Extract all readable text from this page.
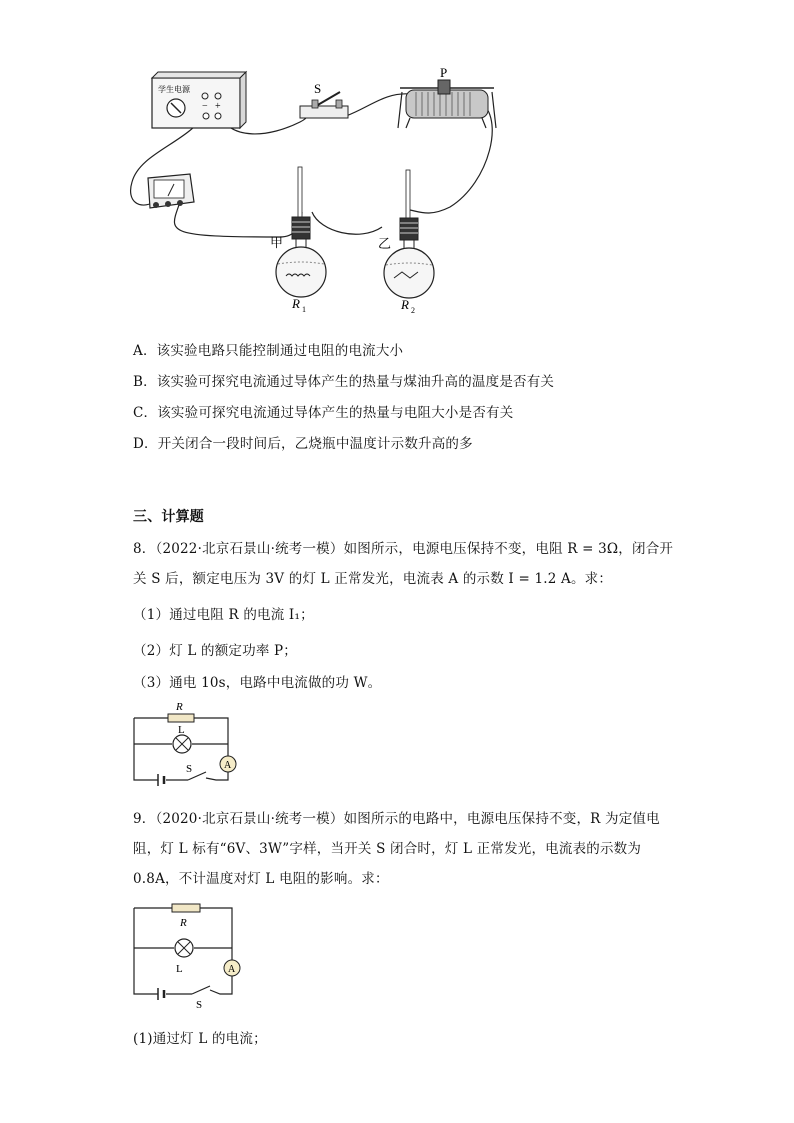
学生电源
− +
S
P
甲
R 1
乙
R 2
A．该实验电路只能控制通过电阻的电流大小
B．该实验可探究电流通过导体产生的热量与煤油升高的温度是否有关
C．该实验可探究电流通过导体产生的热量与电阻大小是否有关
D．开关闭合一段时间后，乙烧瓶中温度计示数升高的多
三、计算题
8．（2022·北京石景山·统考一模）如图所示，电源电压保持不变，电阻 R = 3Ω，闭合开
关 S 后，额定电压为 3V 的灯 L 正常发光，电流表 A 的示数 I = 1.2 A。求：
（1）通过电阻 R 的电流 I₁；
（2）灯 L 的额定功率 P；
（3）通电 10s，电路中电流做的功 W。
A
R
L
S
9．（2020·北京石景山·统考一模）如图所示的电路中，电源电压保持不变，R 为定值电
阻，灯 L 标有“6V、3W”字样，当开关 S 闭合时，灯 L 正常发光，电流表的示数为
0.8A，不计温度对灯 L 电阻的影响。求：
A
R
L
S
(1)通过灯 L 的电流；
